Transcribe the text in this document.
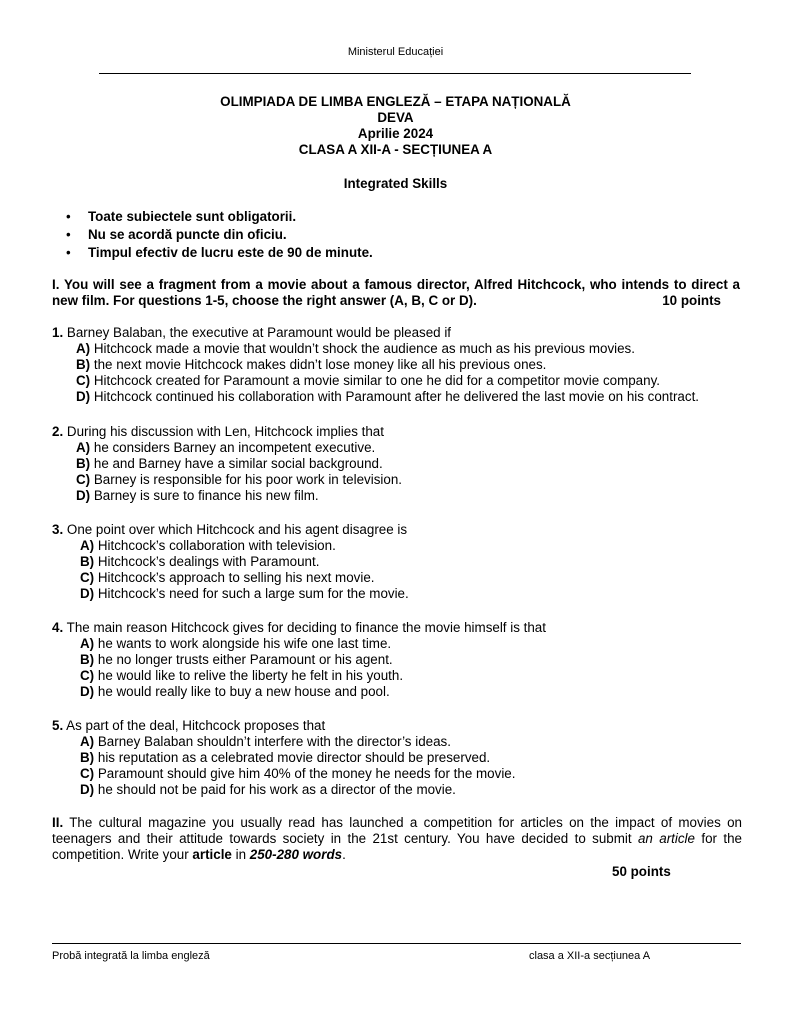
Ministerul Educației
OLIMPIADA DE LIMBA ENGLEZĂ – ETAPA NAȚIONALĂ
DEVA
Aprilie 2024
CLASA A XII-A - SECȚIUNEA A
Integrated Skills
• Toate subiectele sunt obligatorii.
• Nu se acordă puncte din oficiu.
• Timpul efectiv de lucru este de 90 de minute.
I. You will see a fragment from a movie about a famous director, Alfred Hitchcock, who intends to direct a new film. For questions 1-5, choose the right answer (A, B, C or D).	10 points
1. Barney Balaban, the executive at Paramount would be pleased if
A) Hitchcock made a movie that wouldn’t shock the audience as much as his previous movies.
B) the next movie Hitchcock makes didn’t lose money like all his previous ones.
C) Hitchcock created for Paramount a movie similar to one he did for a competitor movie company.
D) Hitchcock continued his collaboration with Paramount after he delivered the last movie on his contract.
2. During his discussion with Len, Hitchcock implies that
A) he considers Barney an incompetent executive.
B) he and Barney have a similar social background.
C) Barney is responsible for his poor work in television.
D) Barney is sure to finance his new film.
3. One point over which Hitchcock and his agent disagree is
A) Hitchcock’s collaboration with television.
B) Hitchcock’s dealings with Paramount.
C) Hitchcock’s approach to selling his next movie.
D) Hitchcock’s need for such a large sum for the movie.
4. The main reason Hitchcock gives for deciding to finance the movie himself is that
A) he wants to work alongside his wife one last time.
B) he no longer trusts either Paramount or his agent.
C) he would like to relive the liberty he felt in his youth.
D) he would really like to buy a new house and pool.
5. As part of the deal, Hitchcock proposes that
A) Barney Balaban shouldn’t interfere with the director’s ideas.
B) his reputation as a celebrated movie director should be preserved.
C) Paramount should give him 40% of the money he needs for the movie.
D) he should not be paid for his work as a director of the movie.
II. The cultural magazine you usually read has launched a competition for articles on the impact of movies on teenagers and their attitude towards society in the 21st century. You have decided to submit an article for the competition. Write your article in 250-280 words.
50 points
Probă integrată la limba engleză	clasa a XII-a secțiunea A
